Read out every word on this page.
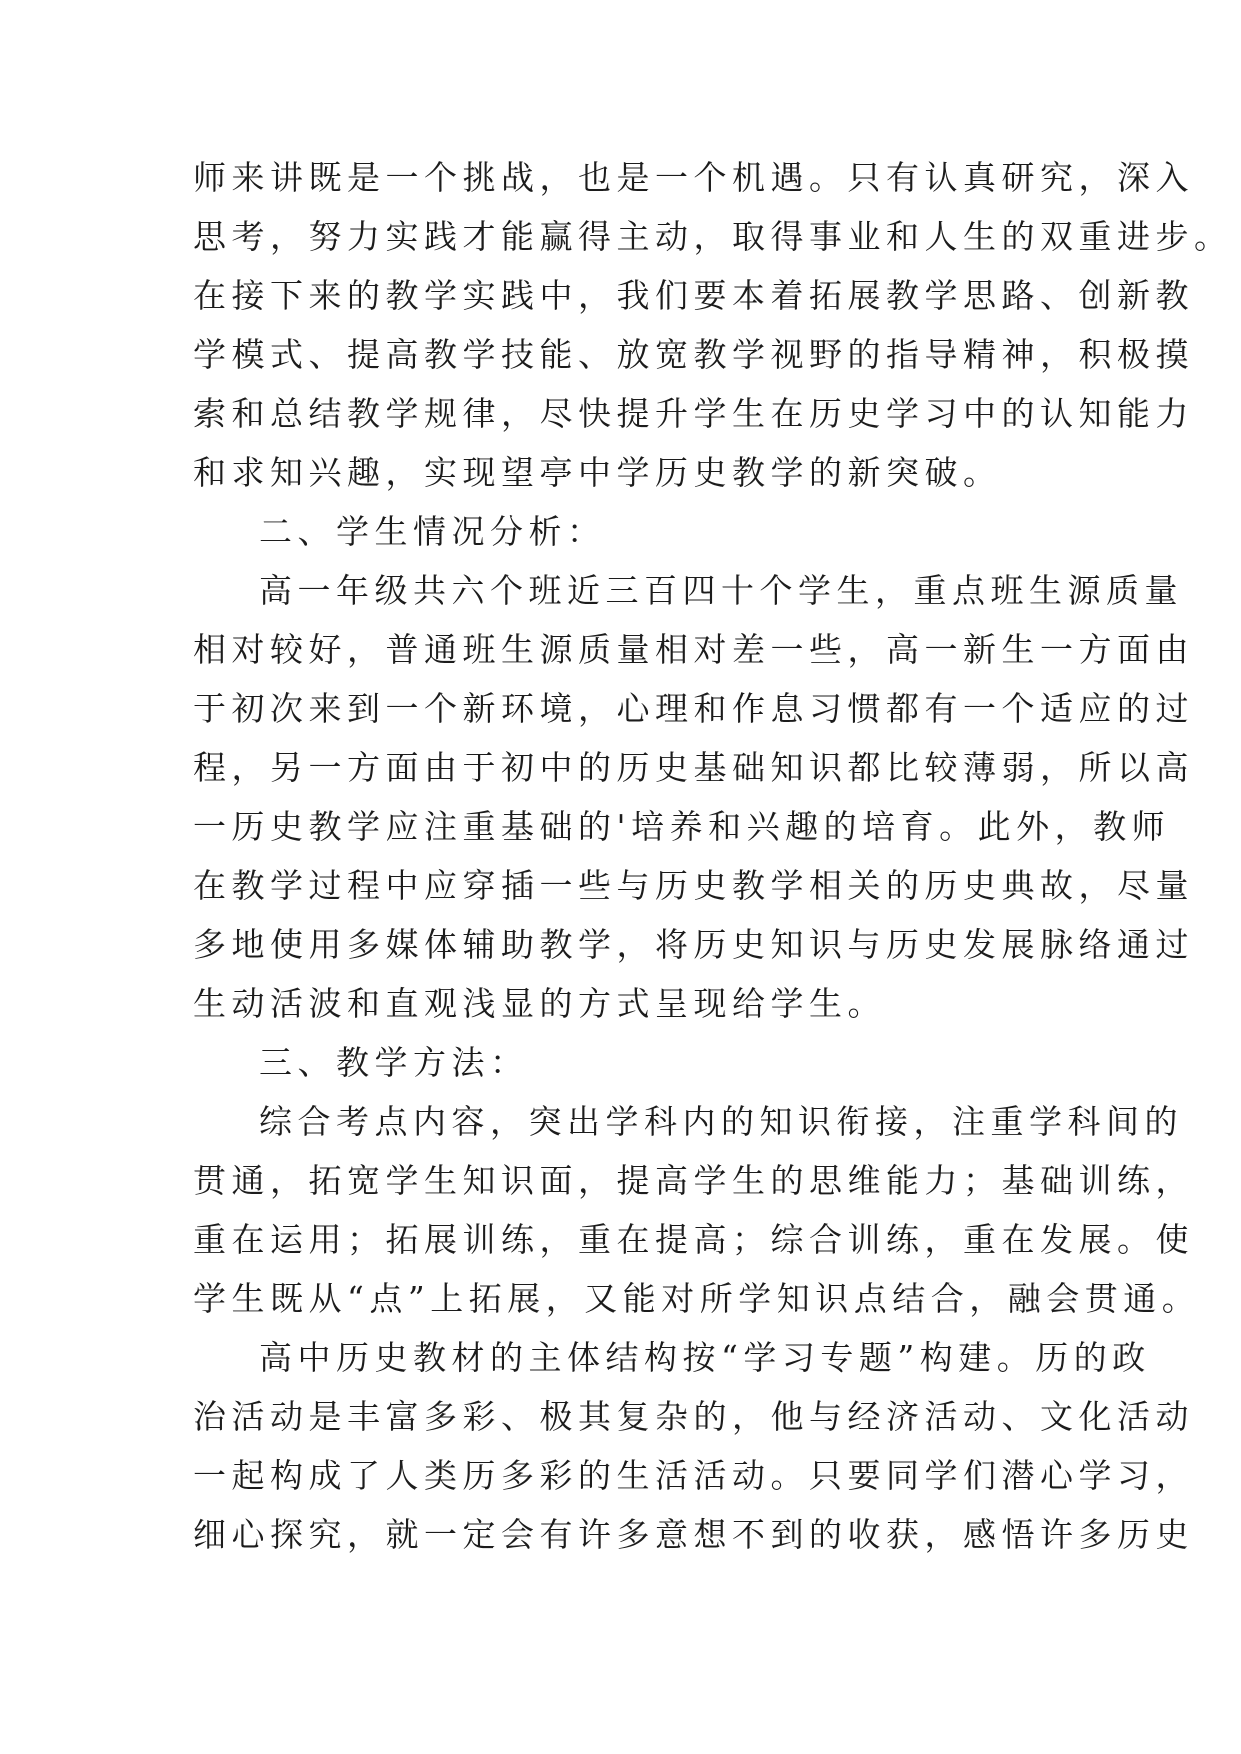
师来讲既是一个挑战，也是一个机遇。只有认真研究，深入
思考，努力实践才能赢得主动，取得事业和人生的双重进步。
在接下来的教学实践中，我们要本着拓展教学思路、创新教
学模式、提高教学技能、放宽教学视野的指导精神，积极摸
索和总结教学规律，尽快提升学生在历史学习中的认知能力
和求知兴趣，实现望亭中学历史教学的新突破。
二、学生情况分析：
高一年级共六个班近三百四十个学生，重点班生源质量
相对较好，普通班生源质量相对差一些，高一新生一方面由
于初次来到一个新环境，心理和作息习惯都有一个适应的过
程，另一方面由于初中的历史基础知识都比较薄弱，所以高
一历史教学应注重基础的'培养和兴趣的培育。此外，教师
在教学过程中应穿插一些与历史教学相关的历史典故，尽量
多地使用多媒体辅助教学，将历史知识与历史发展脉络通过
生动活波和直观浅显的方式呈现给学生。
三、教学方法：
综合考点内容，突出学科内的知识衔接，注重学科间的
贯通，拓宽学生知识面，提高学生的思维能力；基础训练，
重在运用；拓展训练，重在提高；综合训练，重在发展。使
学生既从“点”上拓展，又能对所学知识点结合，融会贯通。
高中历史教材的主体结构按“学习专题”构建。历的政
治活动是丰富多彩、极其复杂的，他与经济活动、文化活动
一起构成了人类历多彩的生活活动。只要同学们潜心学习，
细心探究，就一定会有许多意想不到的收获，感悟许多历史
